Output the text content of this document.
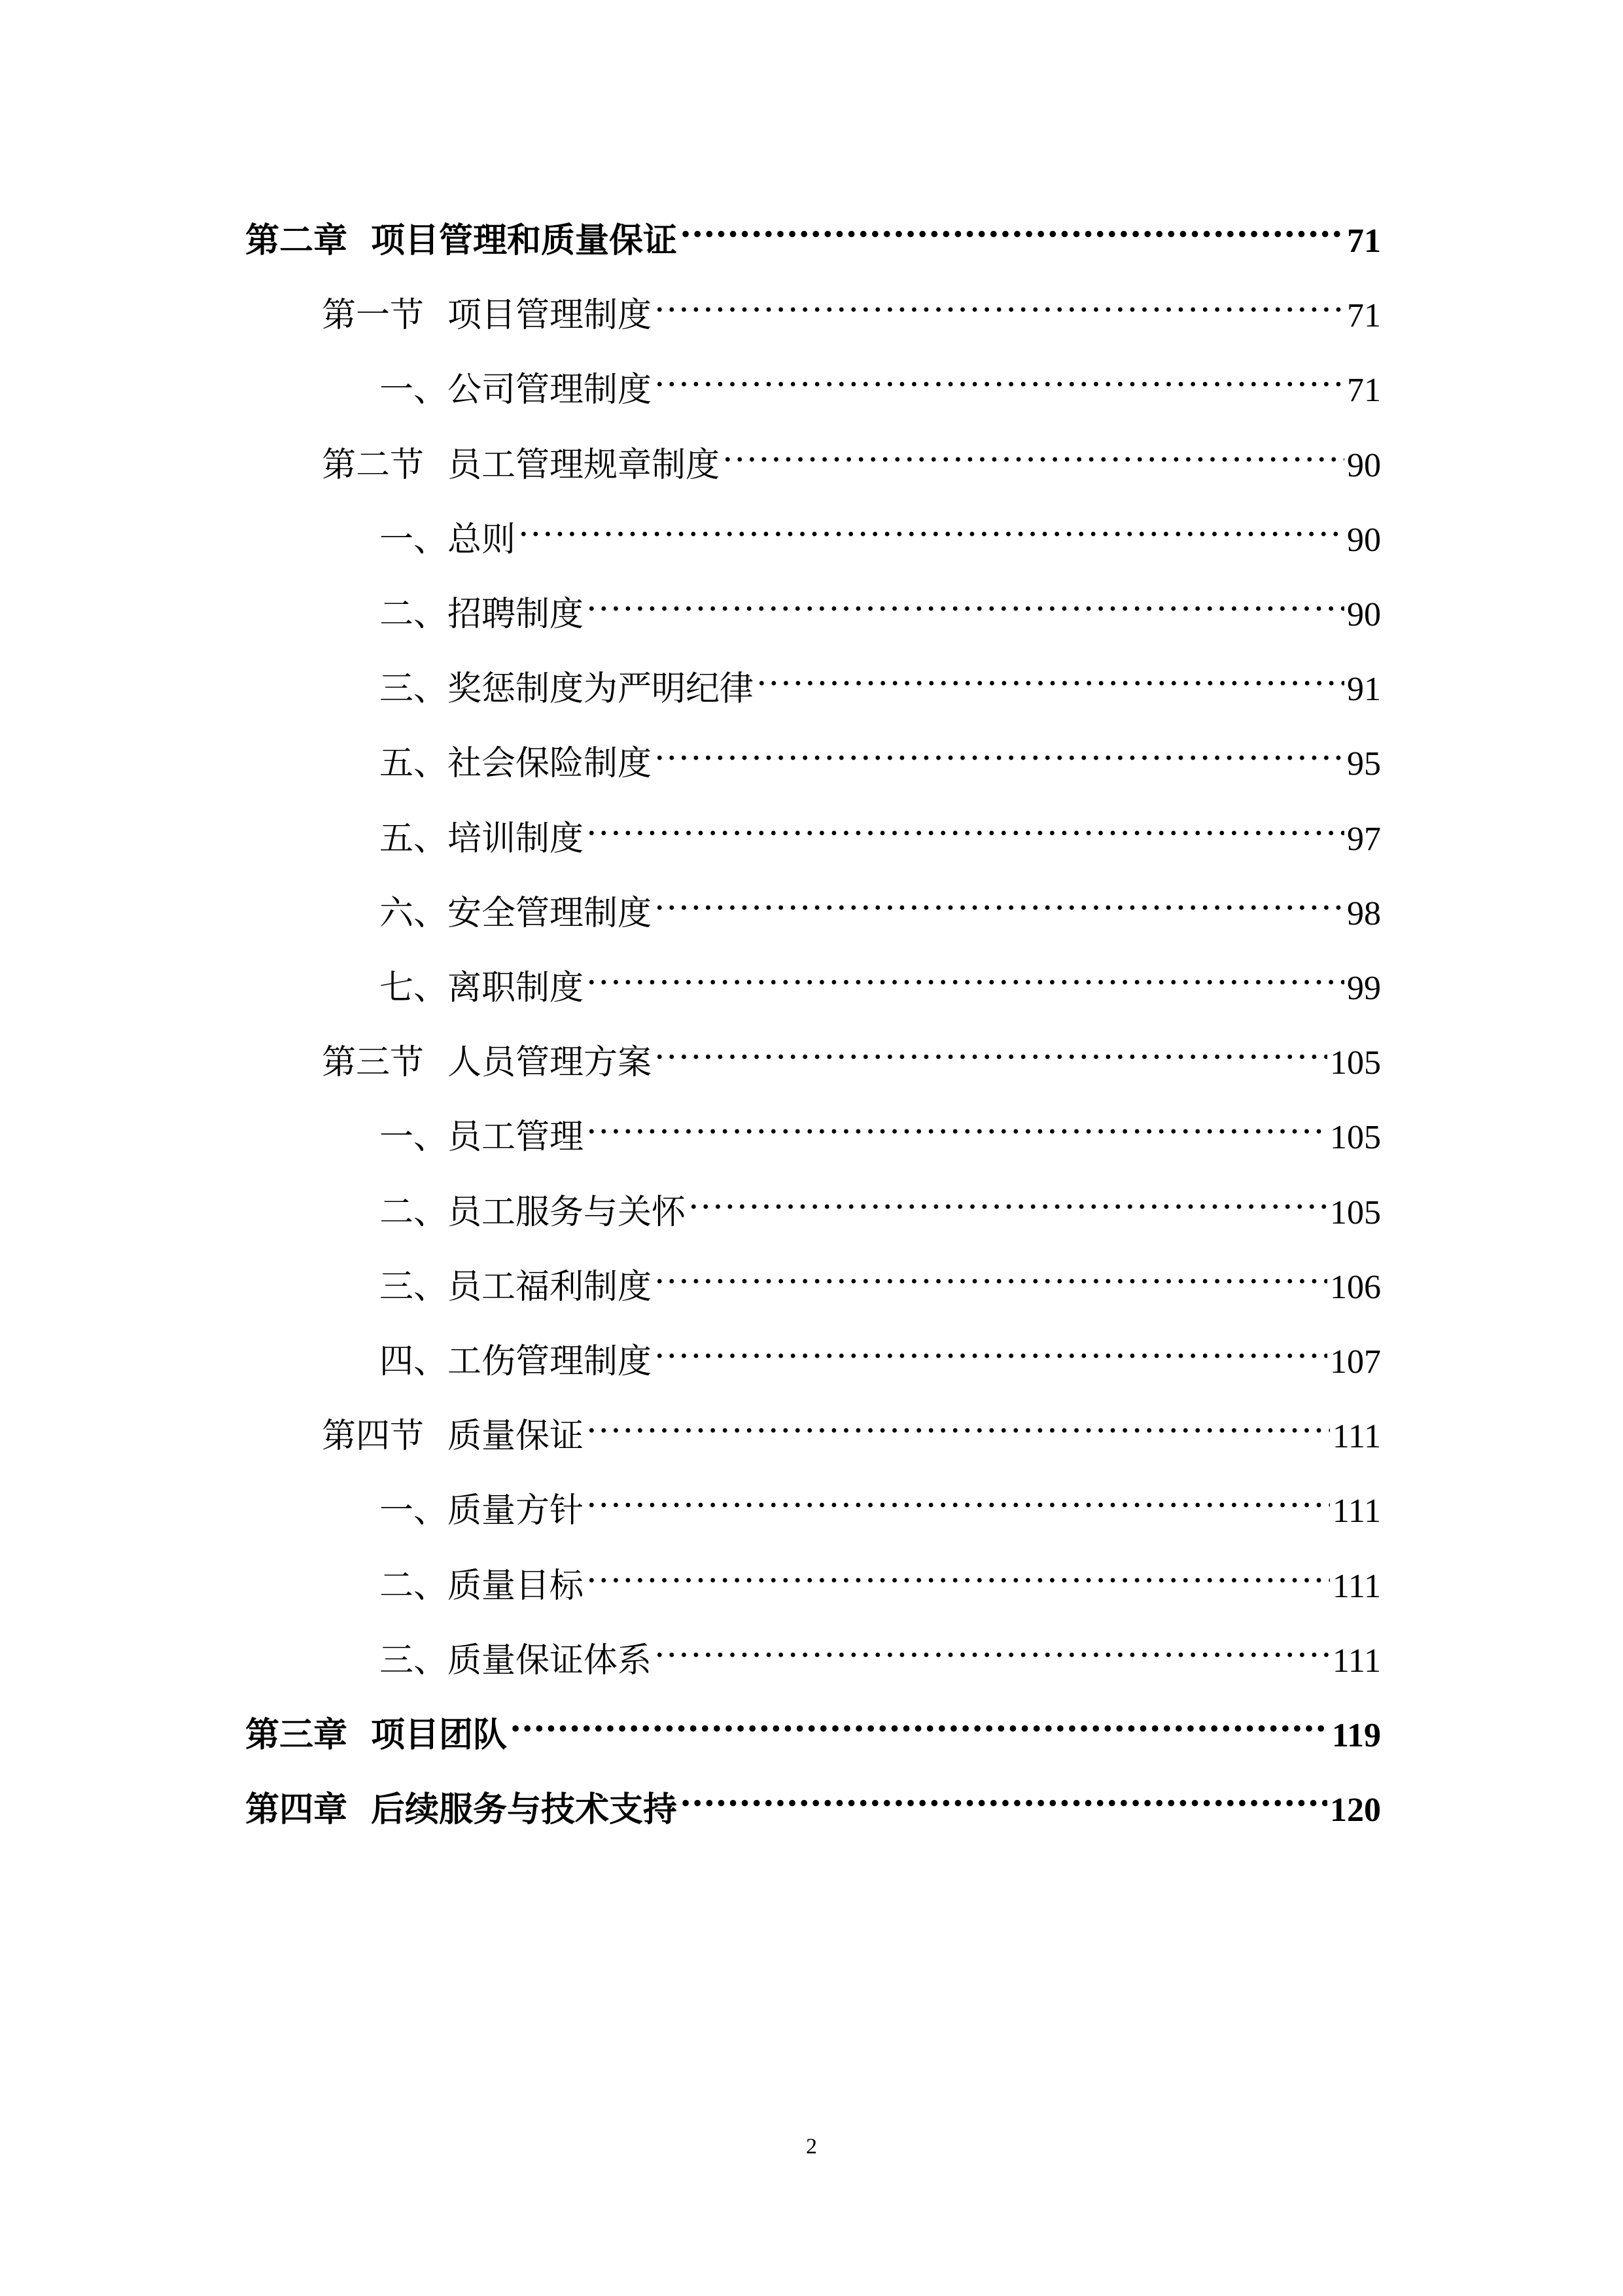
第二章 项目管理和质量保证 .....	71
第一节 项目管理制度 .....	71
一、公司管理制度 .....	71
第二节 员工管理规章制度 .....	90
一、总则 .....	90
二、招聘制度 .....	90
三、奖惩制度为严明纪律 .....	91
五、社会保险制度 .....	95
五、培训制度 .....	97
六、安全管理制度 .....	98
七、离职制度 .....	99
第三节 人员管理方案 .....	105
一、员工管理 .....	105
二、员工服务与关怀 .....	105
三、员工福利制度 .....	106
四、工伤管理制度 .....	107
第四节 质量保证 .....	111
一、质量方针 .....	111
二、质量目标 .....	111
三、质量保证体系 .....	111
第三章 项目团队 .....	119
第四章 后续服务与技术支持 .....	120
2
